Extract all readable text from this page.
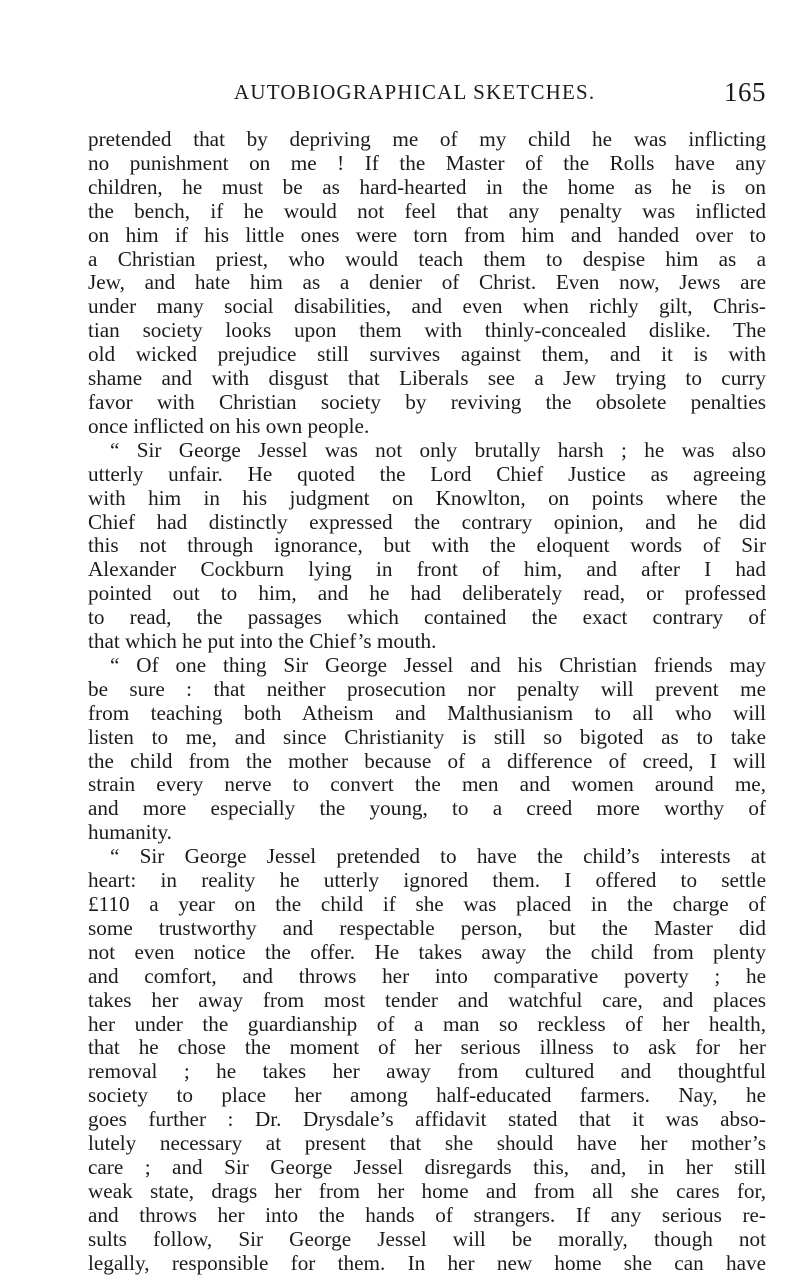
AUTOBIOGRAPHICAL SKETCHES.	165
pretended that by depriving me of my child he was inflicting
no punishment on me ! If the Master of the Rolls have any
children, he must be as hard-hearted in the home as he is on
the bench, if he would not feel that any penalty was inflicted
on him if his little ones were torn from him and handed over to
a Christian priest, who would teach them to despise him as a
Jew, and hate him as a denier of Christ. Even now, Jews are
under many social disabilities, and even when richly gilt, Chris-
tian society looks upon them with thinly-concealed dislike. The
old wicked prejudice still survives against them, and it is with
shame and with disgust that Liberals see a Jew trying to curry
favor with Christian society by reviving the obsolete penalties
once inflicted on his own people.
“ Sir George Jessel was not only brutally harsh ; he was also
utterly unfair. He quoted the Lord Chief Justice as agreeing
with him in his judgment on Knowlton, on points where the
Chief had distinctly expressed the contrary opinion, and he did
this not through ignorance, but with the eloquent words of Sir
Alexander Cockburn lying in front of him, and after I had
pointed out to him, and he had deliberately read, or professed
to read, the passages which contained the exact contrary of
that which he put into the Chief’s mouth.
“ Of one thing Sir George Jessel and his Christian friends may
be sure : that neither prosecution nor penalty will prevent me
from teaching both Atheism and Malthusianism to all who will
listen to me, and since Christianity is still so bigoted as to take
the child from the mother because of a difference of creed, I will
strain every nerve to convert the men and women around me,
and more especially the young, to a creed more worthy of
humanity.
“ Sir George Jessel pretended to have the child’s interests at
heart: in reality he utterly ignored them. I offered to settle
£110 a year on the child if she was placed in the charge of
some trustworthy and respectable person, but the Master did
not even notice the offer. He takes away the child from plenty
and comfort, and throws her into comparative poverty ; he
takes her away from most tender and watchful care, and places
her under the guardianship of a man so reckless of her health,
that he chose the moment of her serious illness to ask for her
removal ; he takes her away from cultured and thoughtful
society to place her among half-educated farmers. Nay, he
goes further : Dr. Drysdale’s affidavit stated that it was abso-
lutely necessary at present that she should have her mother’s
care ; and Sir George Jessel disregards this, and, in her still
weak state, drags her from her home and from all she cares for,
and throws her into the hands of strangers. If any serious re-
sults follow, Sir George Jessel will be morally, though not
legally, responsible for them. In her new home she can have
